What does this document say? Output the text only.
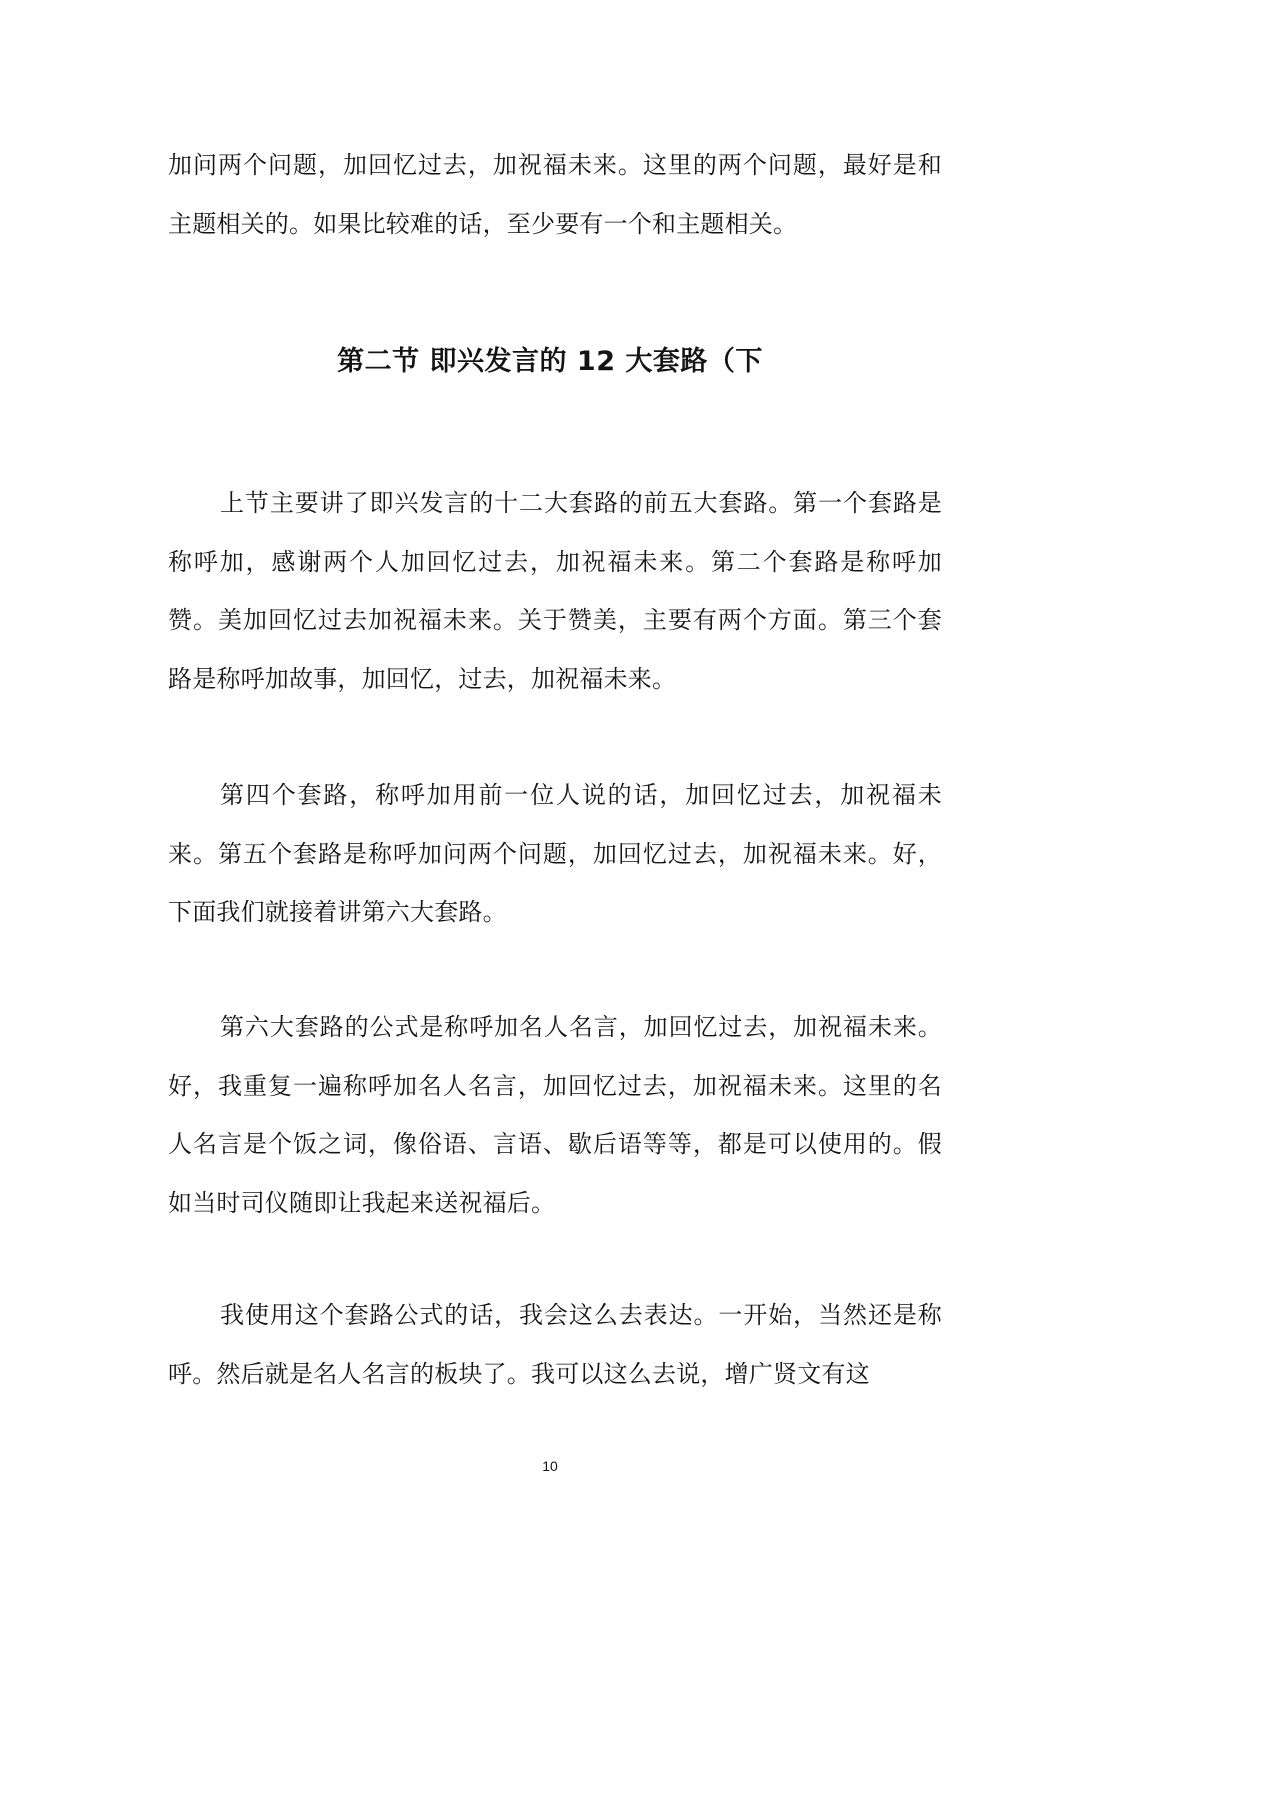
加问两个问题，加回忆过去，加祝福未来。这里的两个问题，最好是和主题相关的。如果比较难的话，至少要有一个和主题相关。
第二节 即兴发言的 12 大套路（下
上节主要讲了即兴发言的十二大套路的前五大套路。第一个套路是称呼加，感谢两个人加回忆过去，加祝福未来。第二个套路是称呼加赞。美加回忆过去加祝福未来。关于赞美，主要有两个方面。第三个套路是称呼加故事，加回忆，过去，加祝福未来。
第四个套路，称呼加用前一位人说的话，加回忆过去，加祝福未来。第五个套路是称呼加问两个问题，加回忆过去，加祝福未来。好，下面我们就接着讲第六大套路。
第六大套路的公式是称呼加名人名言，加回忆过去，加祝福未来。好，我重复一遍称呼加名人名言，加回忆过去，加祝福未来。这里的名人名言是个饭之词，像俗语、言语、歇后语等等，都是可以使用的。假如当时司仪随即让我起来送祝福后。
我使用这个套路公式的话，我会这么去表达。一开始，当然还是称呼。然后就是名人名言的板块了。我可以这么去说，增广贤文有这
10
